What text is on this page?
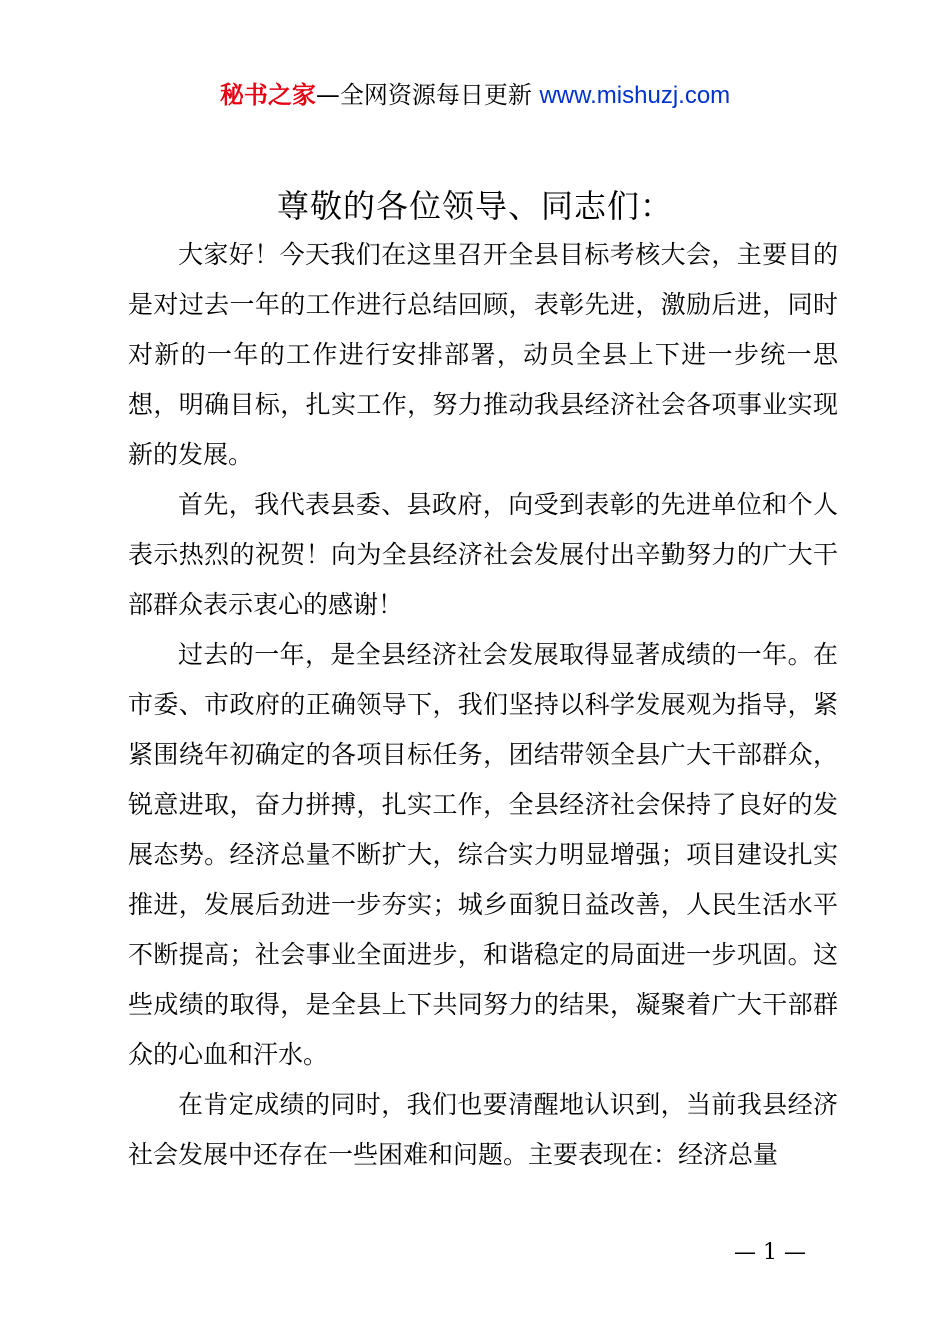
秘书之家—全网资源每日更新 www.mishuzj.com
尊敬的各位领导、同志们：

大家好！今天我们在这里召开全县目标考核大会，主要目的是对过去一年的工作进行总结回顾，表彰先进，激励后进，同时对新的一年的工作进行安排部署，动员全县上下进一步统一思想，明确目标，扎实工作，努力推动我县经济社会各项事业实现新的发展。

首先，我代表县委、县政府，向受到表彰的先进单位和个人表示热烈的祝贺！向为全县经济社会发展付出辛勤努力的广大干部群众表示衷心的感谢！

过去的一年，是全县经济社会发展取得显著成绩的一年。在市委、市政府的正确领导下，我们坚持以科学发展观为指导，紧紧围绕年初确定的各项目标任务，团结带领全县广大干部群众，锐意进取，奋力拼搏，扎实工作，全县经济社会保持了良好的发展态势。经济总量不断扩大，综合实力明显增强；项目建设扎实推进，发展后劲进一步夯实；城乡面貌日益改善，人民生活水平不断提高；社会事业全面进步，和谐稳定的局面进一步巩固。这些成绩的取得，是全县上下共同努力的结果，凝聚着广大干部群众的心血和汗水。

在肯定成绩的同时，我们也要清醒地认识到，当前我县经济社会发展中还存在一些困难和问题。主要表现在：经济总量

— 1 —
